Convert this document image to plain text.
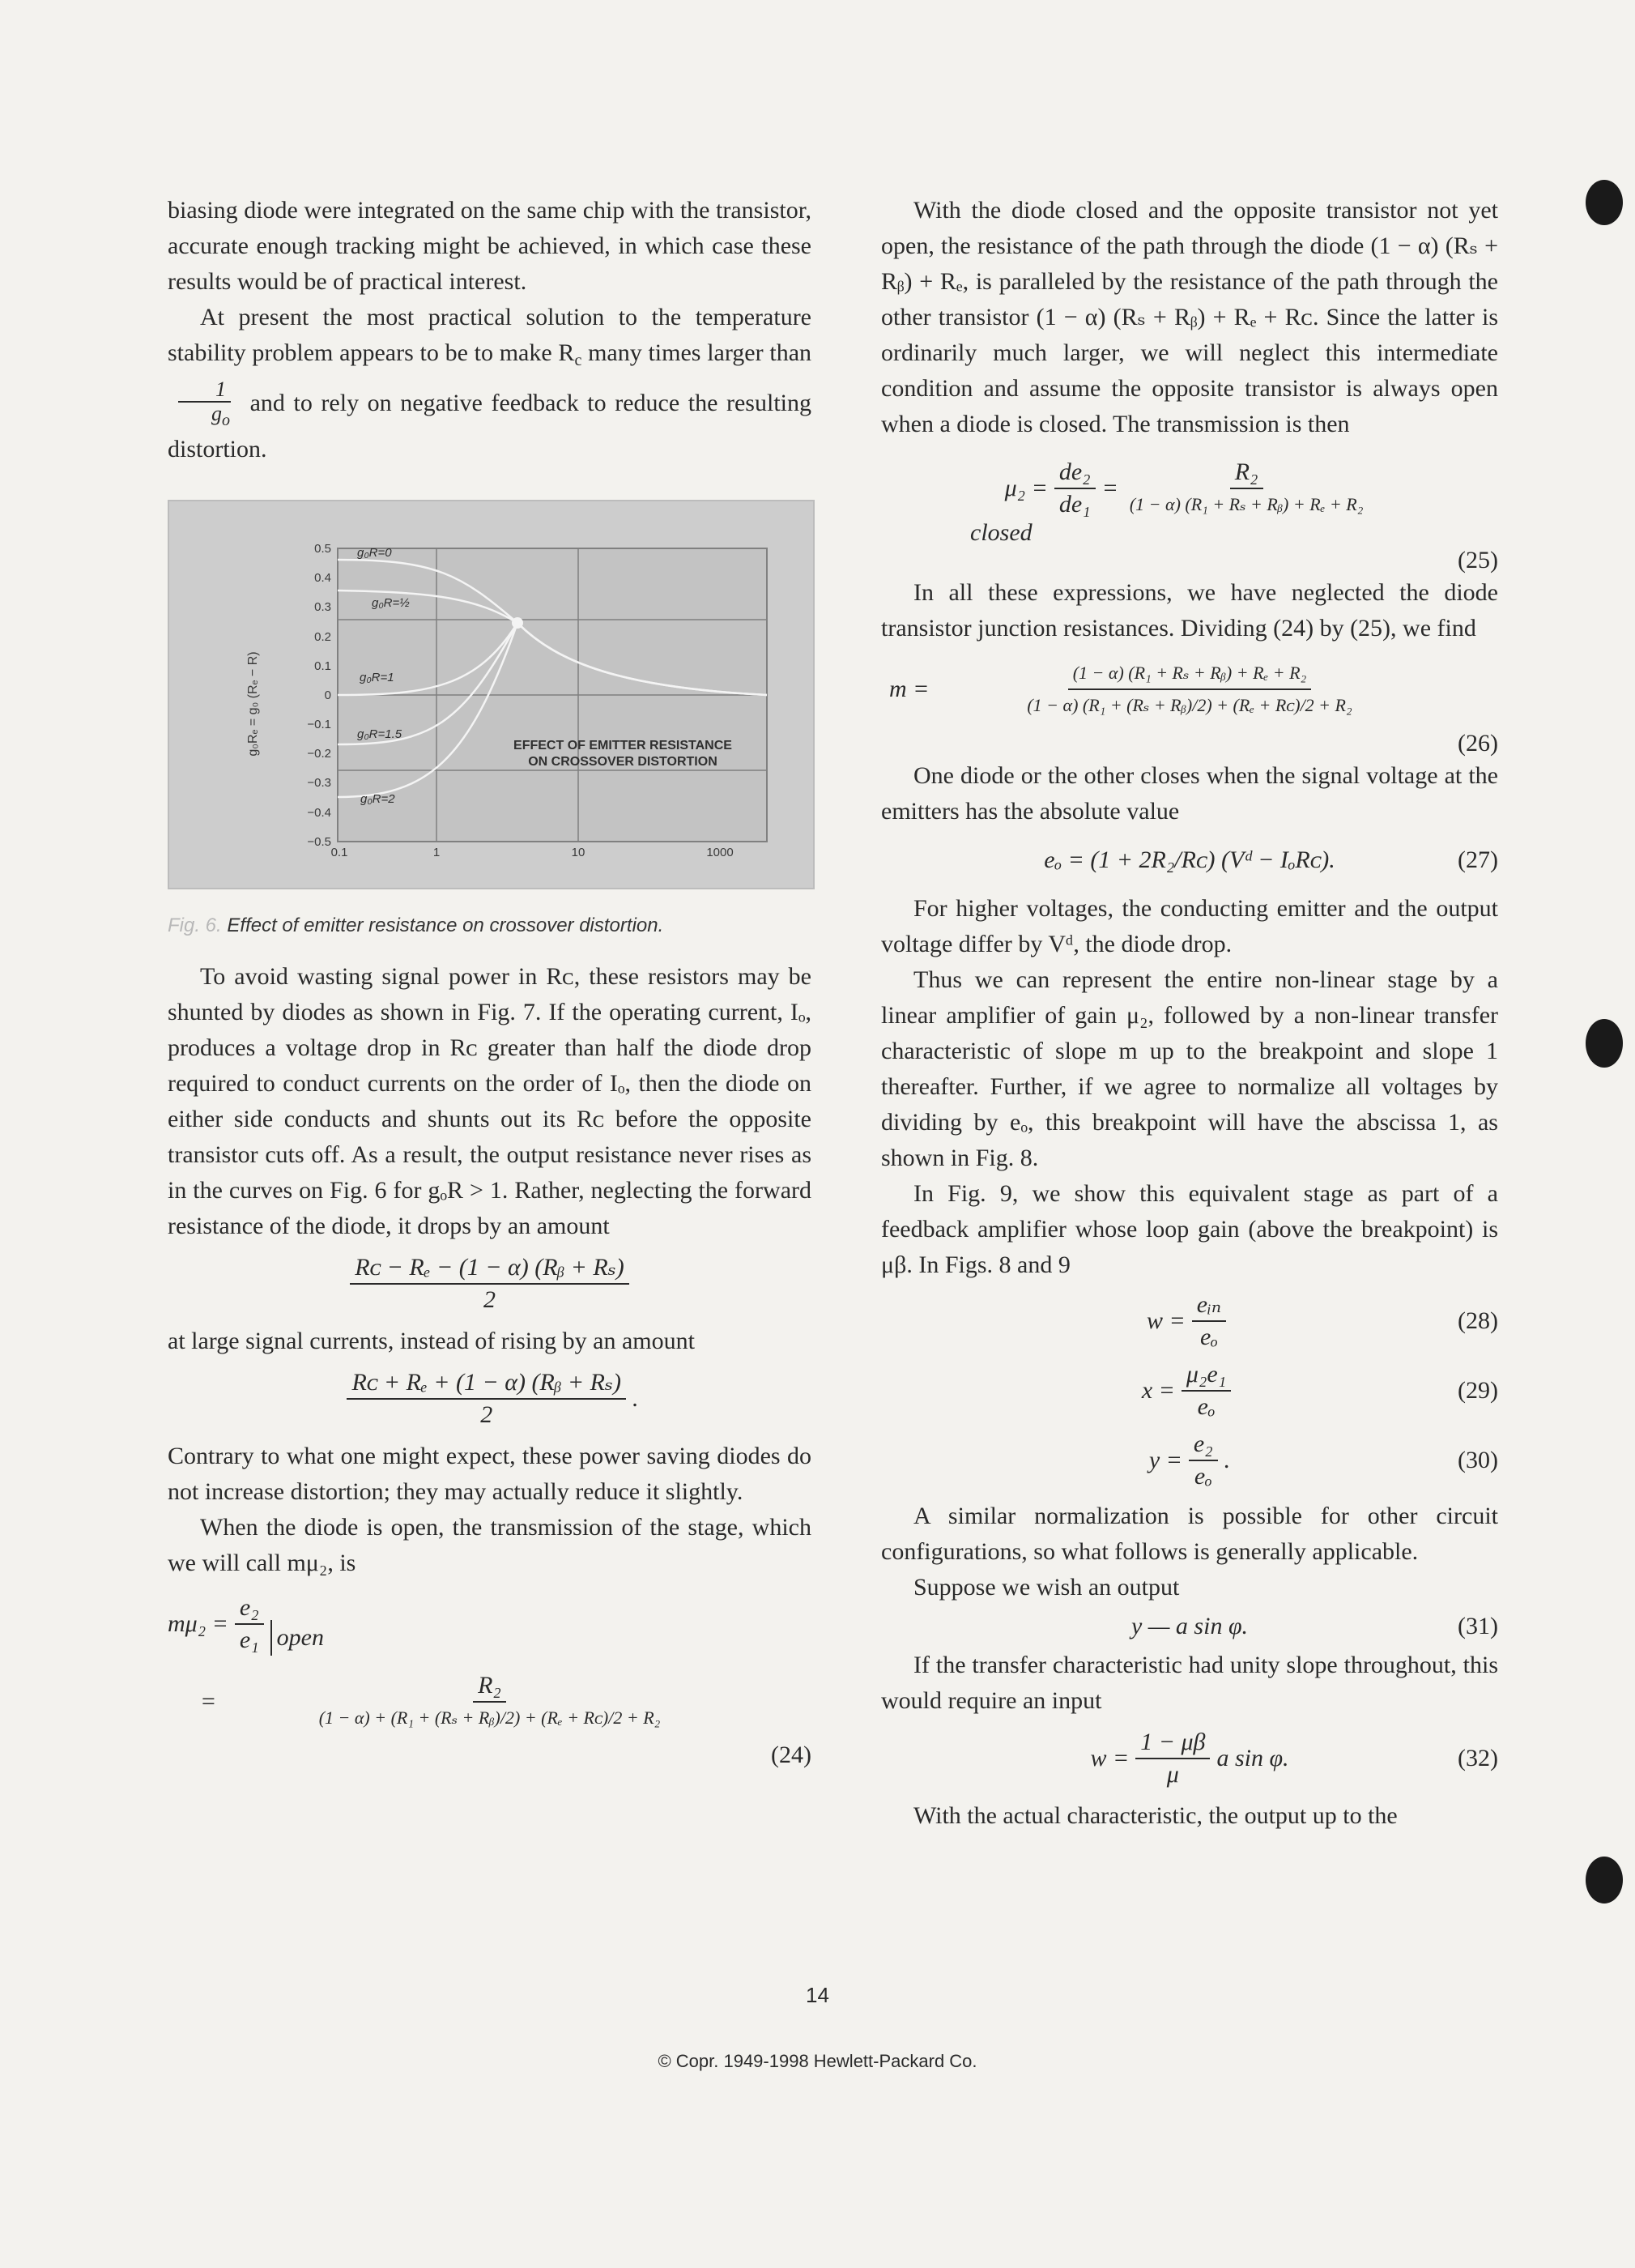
biasing diode were integrated on the same chip with the transistor, accurate enough tracking might be achieved, in which case these results would be of practical interest.

At present the most practical solution to the temperature stability problem appears to be to make $R_c$ many times larger than
$\frac{1}{g_o}$ and to rely on negative feedback to reduce the resulting distortion.

0.5
0.4
0.3
0.2
0.1
0
−0.1
−0.2
−0.3
−0.4
−0.5
0.1	1	10	1000
g₀Rₑ = g₀ (Rₑ − R)
g₀R=0
g₀R=½
g₀R=1
g₀R=1.5
g₀R=2
EFFECT OF EMITTER RESISTANCE
ON CROSSOVER DISTORTION
Fig. 6. Effect of emitter resistance on crossover distortion.

To avoid wasting signal power in Rᴄ, these resistors may be shunted by diodes as shown in Fig. 7. If the operating current, Iₒ, produces a voltage drop in Rᴄ greater than half the diode drop required to conduct currents on the order of Iₒ, then the diode on either side conducts and shunts out its Rᴄ before the opposite transistor cuts off. As a result, the output resistance never rises as in the curves on Fig. 6 for gₒR > 1. Rather, neglecting the forward resistance of the diode, it drops by an amount

$\frac{\text{Rᴄ − Rₑ − (1 − α) (Rᵦ + Rₛ)}}{2}$

at large signal currents, instead of rising by an amount

$\frac{\text{Rᴄ + Rₑ + (1 − α) (Rᵦ + Rₛ)}}{2}$ .

Contrary to what one might expect, these power saving diodes do not increase distortion; they may actually reduce it slightly.

When the diode is open, the transmission of the stage, which we will call mμ₂, is

$m\mu_2 = \frac{\text{e₂}}{\text{e₁}}$ open
=	$\frac{\text{R₂}}{\text{(1 − α) + (R₁ + (Rₛ + Rᵦ)/2) + (Rₑ + Rᴄ)/2 + R₂}}$
(24)

With the diode closed and the opposite transistor not yet open, the resistance of the path through the diode (1 − α) (Rₛ + Rᵦ) + Rₑ, is paralleled by the resistance of the path through the other transistor (1 − α) (Rₛ + Rᵦ) + Rₑ + Rᴄ. Since the latter is ordinarily much larger, we will neglect this intermediate condition and assume the opposite transistor is always open when a diode is closed. The transmission is then

$\mu_2 = \frac{\text{de₂}}{\text{de₁}} = \frac{\text{R₂}}{\text{(1 − α) (R₁ + Rₛ + Rᵦ) + Rₑ + R₂}}$
closed
(25)

In all these expressions, we have neglected the diode transistor junction resistances. Dividing (24) by (25), we find

m =	$\frac{\text{(1 − α) (R₁ + Rₛ + Rᵦ) + Rₑ + R₂}}{\text{(1 − α) (R₁ + (Rₛ + Rᵦ)/2) + (Rₑ + Rᴄ)/2 + R₂}}$
(26)

One diode or the other closes when the signal voltage at the emitters has the absolute value

eₒ = (1 + 2R₂/Rᴄ) (Vᵈ − IₒRᴄ).	(27)

For higher voltages, the conducting emitter and the output voltage differ by Vᵈ, the diode drop.

Thus we can represent the entire non-linear stage by a linear amplifier of gain μ₂, followed by a non-linear transfer characteristic of slope m up to the breakpoint and slope 1 thereafter. Further, if we agree to normalize all voltages by dividing by eₒ, this breakpoint will have the abscissa 1, as shown in Fig. 8.

In Fig. 9, we show this equivalent stage as part of a feedback amplifier whose loop gain (above the breakpoint) is μβ. In Figs. 8 and 9

$w = \frac{\text{eᵢₙ}}{\text{eₒ}}$	(28)
$x = \frac{\text{μ₂e₁}}{\text{eₒ}}$	(29)
$y = \frac{\text{e₂}}{\text{eₒ}}$ .	(30)

A similar normalization is possible for other circuit configurations, so what follows is generally applicable.

Suppose we wish an output

y — a sin φ.	(31)

If the transfer characteristic had unity slope throughout, this would require an input

$w = \frac{1 - \mu\beta}{\mu}$ a sin φ.	(32)

With the actual characteristic, the output up to the

14
© Copr. 1949-1998 Hewlett-Packard Co.
